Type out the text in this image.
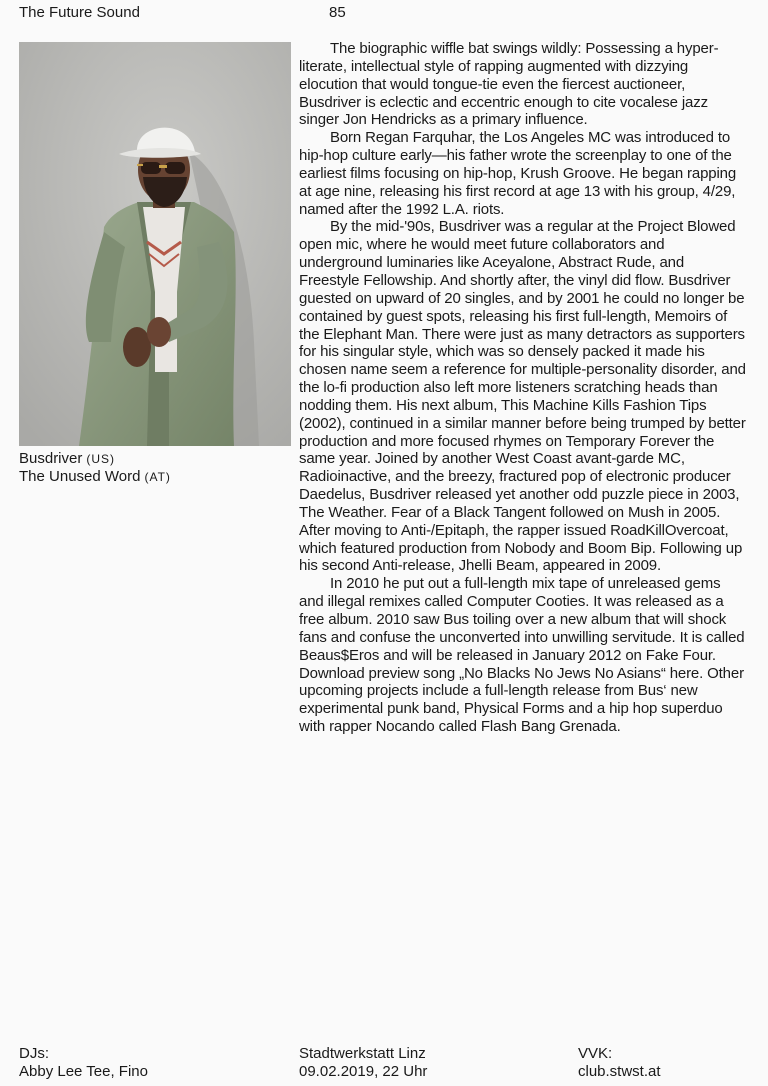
The Future Sound	85
Busdriver (US)
The Unused Word (AT)

The biographic wiffle bat swings wildly: Possessing a hyper-literate, intellectual style of rapping augmented with dizzying elocution that would tongue-tie even the fiercest auctioneer, Busdriver is eclectic and eccentric enough to cite vocalese jazz singer Jon Hendricks as a primary influence.

Born Regan Farquhar, the Los Angeles MC was introduced to hip-hop culture early—his father wrote the screenplay to one of the earliest films focusing on hip-hop, Krush Groove. He began rapping at age nine, releasing his first record at age 13 with his group, 4/29, named after the 1992 L.A. riots.

By the mid-'90s, Busdriver was a regular at the Project Blowed open mic, where he would meet future collaborators and underground luminaries like Aceyalone, Abstract Rude, and Freestyle Fellowship. And shortly after, the vinyl did flow. Busdriver guested on upward of 20 singles, and by 2001 he could no longer be contained by guest spots, releasing his first full-length, Memoirs of the Elephant Man. There were just as many detractors as supporters for his singular style, which was so densely packed it made his chosen name seem a reference for multiple-personality disorder, and the lo-fi production also left more listeners scratching heads than nodding them. His next album, This Machine Kills Fashion Tips (2002), continued in a similar manner before being trumped by better production and more focused rhymes on Temporary Forever the same year. Joined by another West Coast avant-garde MC, Radioinactive, and the breezy, fractured pop of electronic producer Daedelus, Busdriver released yet another odd puzzle piece in 2003, The Weather. Fear of a Black Tangent followed on Mush in 2005. After moving to Anti-/Epitaph, the rapper issued RoadKillOvercoat, which featured production from Nobody and Boom Bip. Following up his second Anti-release, Jhelli Beam, appeared in 2009.

In 2010 he put out a full-length mix tape of unreleased gems and illegal remixes called Computer Cooties. It was released as a free album. 2010 saw Bus toiling over a new album that will shock fans and confuse the unconverted into unwilling servitude. It is called Beaus$Eros and will be released in January 2012 on Fake Four. Download preview song „No Blacks No Jews No Asians“ here. Other upcoming projects include a full-length release from Bus‘ new experimental punk band, Physical Forms and a hip hop superduo with rapper Nocando called Flash Bang Grenada.

DJs:
Abby Lee Tee, Fino
Stadtwerkstatt Linz
09.02.2019, 22 Uhr
VVK:
club.stwst.at
